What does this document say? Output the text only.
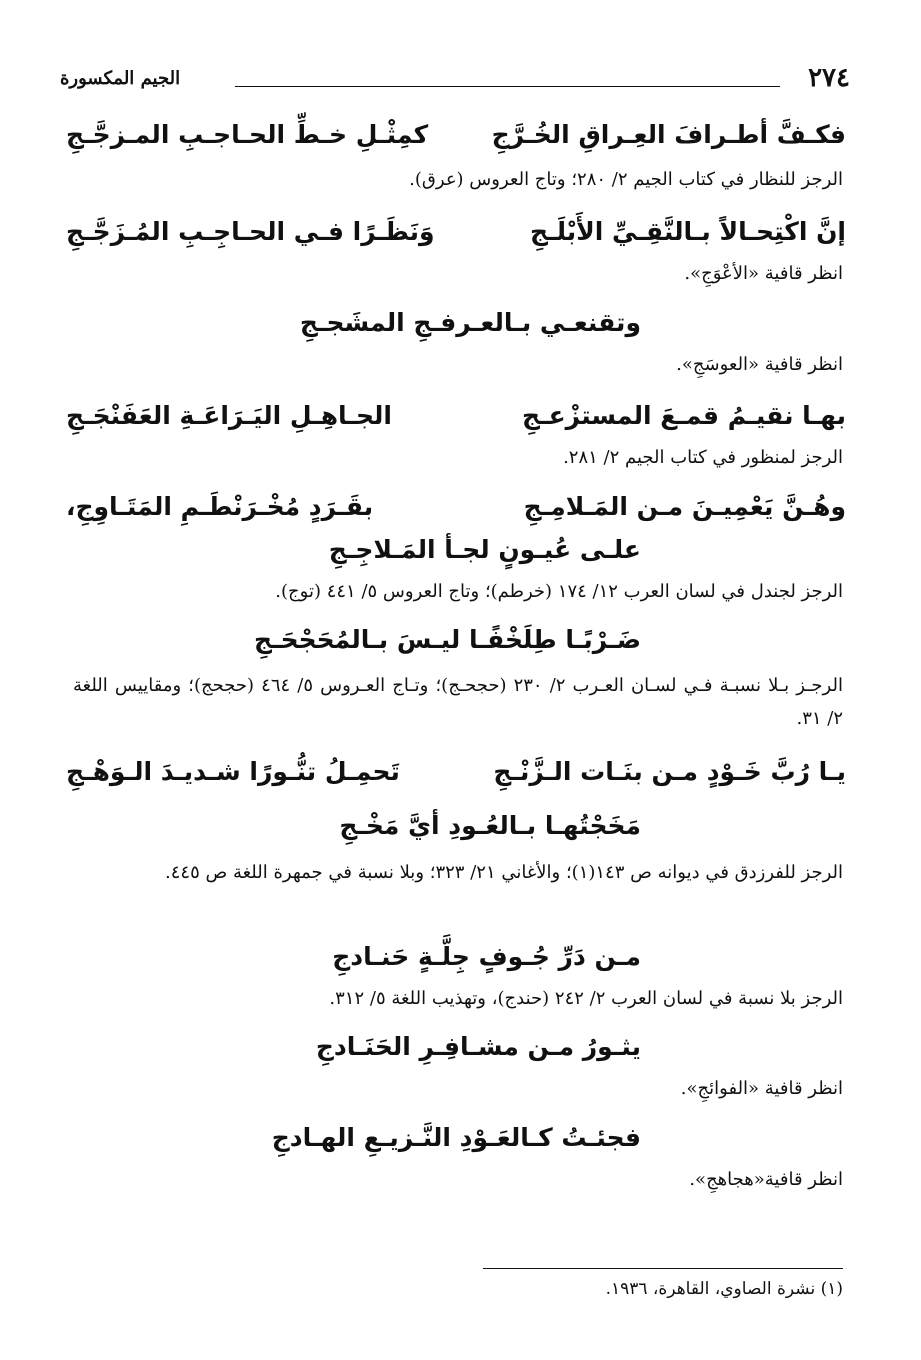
٢٧٤
الجيم المكسورة
فكـفَّ أطـرافَ العِـراقِ الخُـرَّجِ
كمِثْـلِ خـطِّ الحـاجـبِ المـزجَّـجِ
الرجز للنظار في كتاب الجيم ٢/ ٢٨٠؛ وتاج العروس (عرق).
إنَّ اكْتِحـالاً بـالنَّقِـيِّ الأَبْلَـجِ
وَنَظَـرًا فـي الحـاجِـبِ المُـزَجَّـجِ
انظر قافية «الأعْوَجِ».
وتقنعـي بـالعـرفـجِ المشَجـجِ
انظر قافية «العوسَجِ».
بهـا نقيـمُ قمـعَ المستزْعـجِ
الجـاهِـلِ اليَـرَاعَـةِ العَفَنْجَـجِ
الرجز لمنظور في كتاب الجيم ٢/ ٢٨١.
وهُـنَّ يَعْمِيـنَ مـن المَـلامِـجِ
بقَـرَدٍ مُخْـرَنْطَـمِ المَتَـاوِجِ،
علـى عُيـونٍ لجـأ المَـلاجِـجِ
الرجز لجندل في لسان العرب ١٢/ ١٧٤ (خرطم)؛ وتاج العروس ٥/ ٤٤١ (توج).
ضَـرْبًـا طِلَخْفًـا ليـسَ بـالمُحَجْحَـجِ
الرجـز بـلا نسبـة فـي لسـان العـرب ٢/ ٢٣٠ (حجحـج)؛ وتـاج العـروس ٥/ ٤٦٤ (حجحج)؛ ومقاييس اللغة ٢/ ٣١.
يـا رُبَّ خَـوْدٍ مـن بنَـات الـزَّنْـجِ
تَحمِـلُ تنُّـورًا شـديـدَ الـوَهْـجِ
مَخَجْتُهـا بـالعُـودِ أيَّ مَخْـجِ
الرجز للفرزدق في ديوانه ص ١٤٣(١)؛ والأغاني ٢١/ ٣٢٣؛ وبلا نسبة في جمهرة اللغة ص ٤٤٥.
مـن دَرِّ جُـوفٍ جِلَّـةٍ حَنـادجِ
الرجز بلا نسبة في لسان العرب ٢/ ٢٤٢ (حندج)، وتهذيب اللغة ٥/ ٣١٢.
يثـورُ مـن مشـافِـرِ الحَنَـادجِ
انظر قافية «الفوائجِ».
فجئـتُ كـالعَـوْدِ النَّـزيـعِ الهـادجِ
انظر قافية«هجاهجِ».
(١) نشرة الصاوي، القاهرة، ١٩٣٦.
